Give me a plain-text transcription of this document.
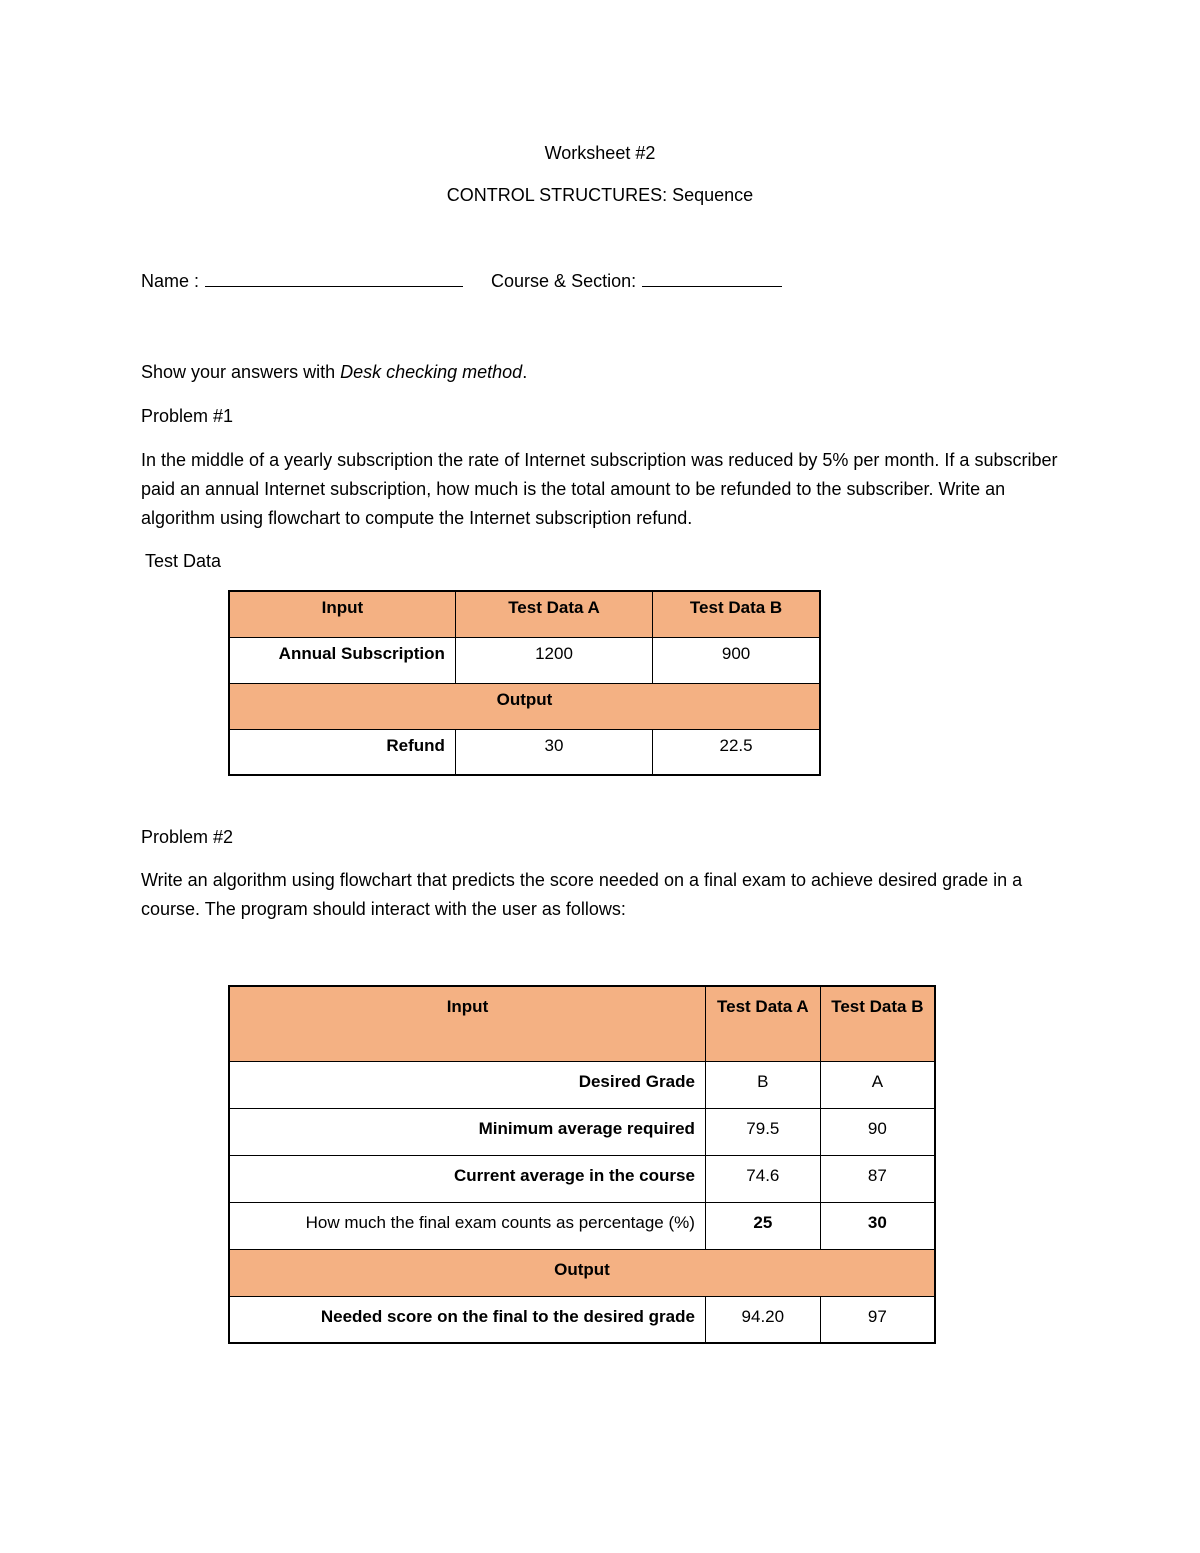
Worksheet #2
CONTROL STRUCTURES: Sequence
Name :	Course & Section:
Show your answers with Desk checking method.
Problem #1
In the middle of a yearly subscription the rate of Internet subscription was reduced by 5% per month. If a subscriber paid an annual Internet subscription, how much is the total amount to be refunded to the subscriber. Write an algorithm using flowchart to compute the Internet subscription refund.
Test Data
Input	Test Data A	Test Data B
Annual Subscription	1200	900
Output		
Refund	30	22.5
Problem #2
Write an algorithm using flowchart that predicts the score needed on a final exam to achieve desired grade in a course. The program should interact with the user as follows:
Input	Test Data A	Test Data B
Desired Grade	B	A
Minimum average required	79.5	90
Current average in the course	74.6	87
How much the final exam counts as percentage (%)	25	30
Output		
Needed score on the final to the desired grade	94.20	97
